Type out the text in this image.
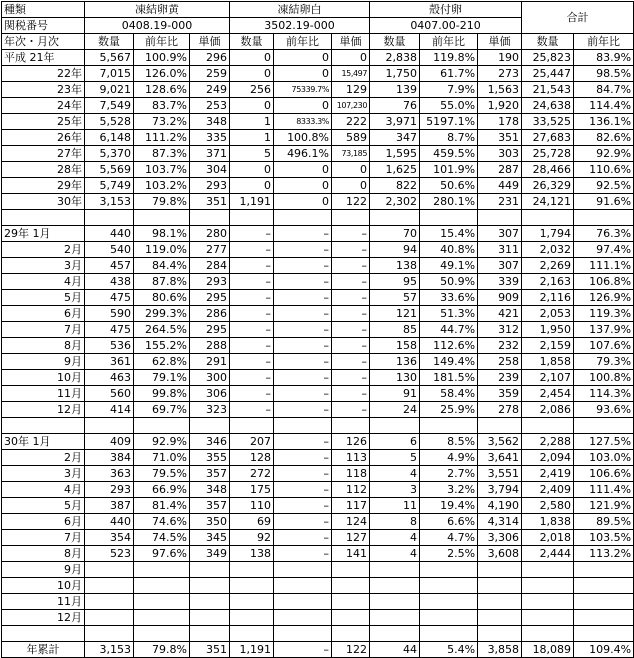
種類	凍結卵黄			凍結卵白			殻付卵			合計	
関税番号	0408.19-000			3502.19-000			0407.00-210				
年次・月次	数量	前年比	単価	数量	前年比	単価	数量	前年比	単価	数量	前年比
平成 21年	5,567	100.9%	296	0	0	0	2,838	119.8%	190	25,823	83.9%
22年	7,015	126.0%	259	0	0	15,497	1,750	61.7%	273	25,447	98.5%
23年	9,021	128.6%	249	256	75339.7%	129	139	7.9%	1,563	21,543	84.7%
24年	7,549	83.7%	253	0	0	107,230	76	55.0%	1,920	24,638	114.4%
25年	5,528	73.2%	348	1	8333.3%	222	3,971	5197.1%	178	33,525	136.1%
26年	6,148	111.2%	335	1	100.8%	589	347	8.7%	351	27,683	82.6%
27年	5,370	87.3%	371	5	496.1%	73,185	1,595	459.5%	303	25,728	92.9%
28年	5,569	103.7%	304	0	0	0	1,625	101.9%	287	28,466	110.6%
29年	5,749	103.2%	293	0	0	0	822	50.6%	449	26,329	92.5%
30年	3,153	79.8%	351	1,191	0	122	2,302	280.1%	231	24,121	91.6%

29年 1月	440	98.1%	280	–	–	–	70	15.4%	307	1,794	76.3%
2月	540	119.0%	277	–	–	–	94	40.8%	311	2,032	97.4%
3月	457	84.4%	284	–	–	–	138	49.1%	307	2,269	111.1%
4月	438	87.8%	293	–	–	–	95	50.9%	339	2,163	106.8%
5月	475	80.6%	295	–	–	–	57	33.6%	909	2,116	126.9%
6月	590	299.3%	286	–	–	–	121	51.3%	421	2,053	119.3%
7月	475	264.5%	295	–	–	–	85	44.7%	312	1,950	137.9%
8月	536	155.2%	288	–	–	–	158	112.6%	232	2,159	107.6%
9月	361	62.8%	291	–	–	–	136	149.4%	258	1,858	79.3%
10月	463	79.1%	300	–	–	–	130	181.5%	239	2,107	100.8%
11月	560	99.8%	306	–	–	–	91	58.4%	359	2,454	114.3%
12月	414	69.7%	323	–	–	–	24	25.9%	278	2,086	93.6%

30年 1月	409	92.9%	346	207	–	126	6	8.5%	3,562	2,288	127.5%
2月	384	71.0%	355	128	–	113	5	4.9%	3,641	2,094	103.0%
3月	363	79.5%	357	272	–	118	4	2.7%	3,551	2,419	106.6%
4月	293	66.9%	348	175	–	112	3	3.2%	3,794	2,409	111.4%
5月	387	81.4%	357	110	–	117	11	19.4%	4,190	2,580	121.9%
6月	440	74.6%	350	69	–	124	8	6.6%	4,314	1,838	89.5%
7月	354	74.5%	345	92	–	127	4	4.7%	3,306	2,018	103.5%
8月	523	97.6%	349	138	–	141	4	2.5%	3,608	2,444	113.2%
9月											
10月											
11月											
12月											

年累計	3,153	79.8%	351	1,191	–	122	44	5.4%	3,858	18,089	109.4%
